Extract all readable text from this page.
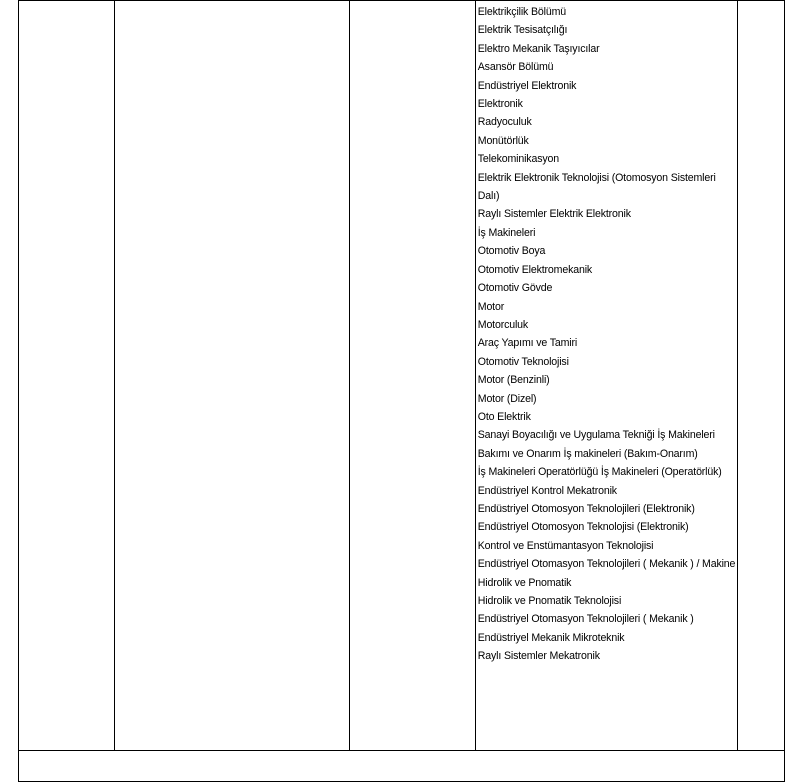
Elektrikçilik Bölümü
Elektrik Tesisatçılığı
Elektro Mekanik Taşıyıcılar
Asansör Bölümü
Endüstriyel Elektronik
Elektronik
Radyoculuk
Monütörlük
Telekominikasyon
Elektrik Elektronik Teknolojisi (Otomosyon Sistemleri Dalı)
Raylı Sistemler Elektrik Elektronik
İş Makineleri
Otomotiv Boya
Otomotiv Elektromekanik
Otomotiv Gövde
Motor
Motorculuk
Araç Yapımı ve Tamiri
Otomotiv Teknolojisi
Motor (Benzinli)
Motor (Dizel)
Oto Elektrik
Sanayi Boyacılığı ve Uygulama Tekniği İş Makineleri Bakımı ve Onarım İş makineleri (Bakım-Onarım)
İş Makineleri Operatörlüğü İş Makineleri (Operatörlük)
Endüstriyel Kontrol Mekatronik
Endüstriyel Otomosyon Teknolojileri (Elektronik)
Endüstriyel Otomosyon Teknolojisi (Elektronik)
Kontrol ve Enstümantasyon Teknolojisi
Endüstriyel Otomasyon Teknolojileri ( Mekanik ) / Makine
Hidrolik ve Pnomatik
Hidrolik ve Pnomatik Teknolojisi
Endüstriyel Otomasyon Teknolojileri ( Mekanik )
Endüstriyel Mekanik Mikroteknik
Raylı Sistemler Mekatronik
